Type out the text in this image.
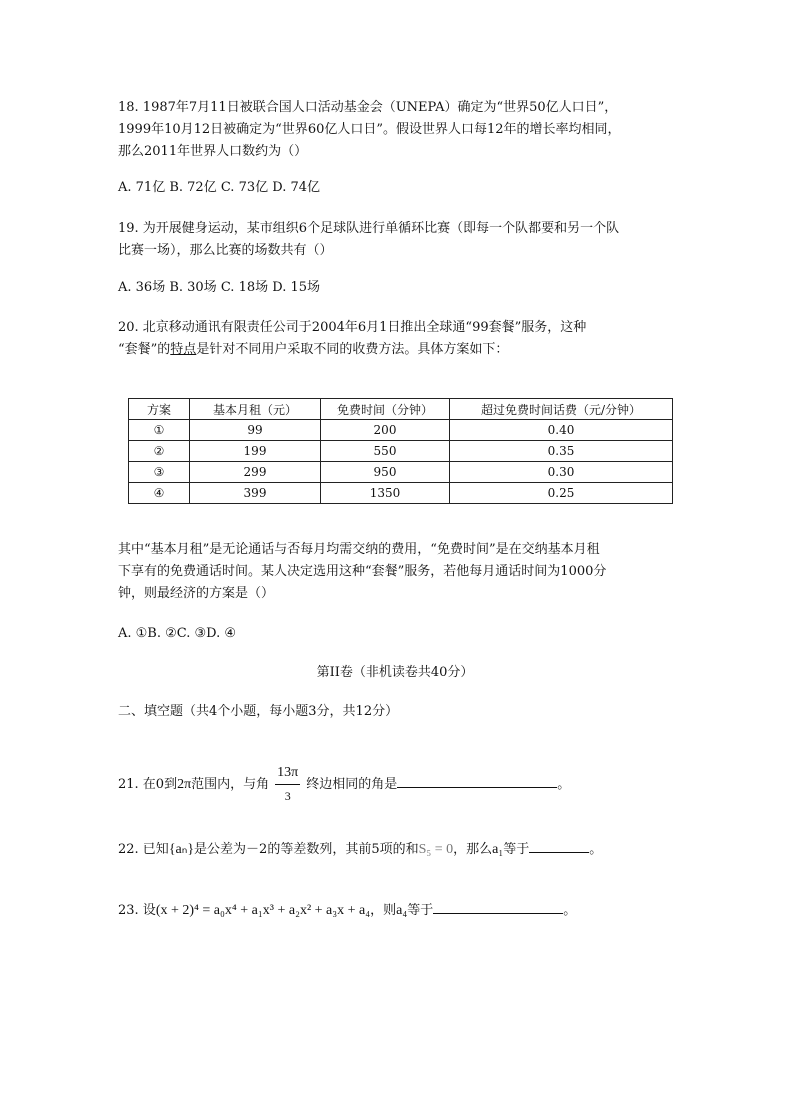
18. 1987年7月11日被联合国人口活动基金会（UNEPA）确定为“世界50亿人口日”，
1999年10月12日被确定为“世界60亿人口日”。假设世界人口每12年的增长率均相同，
那么2011年世界人口数约为（）
A. 71亿 B. 72亿 C. 73亿 D. 74亿
19. 为开展健身运动，某市组织6个足球队进行单循环比赛（即每一个队都要和另一个队
比赛一场），那么比赛的场数共有（）
A. 36场 B. 30场 C. 18场 D. 15场
20. 北京移动通讯有限责任公司于2004年6月1日推出全球通“99套餐”服务，这种
“套餐”的特点是针对不同用户采取不同的收费方法。具体方案如下：
方案	基本月租（元）	免费时间（分钟）	超过免费时间话费（元/分钟）
①	99	200	0.40
②	199	550	0.35
③	299	950	0.30
④	399	1350	0.25
其中“基本月租”是无论通话与否每月均需交纳的费用，“免费时间”是在交纳基本月租
下享有的免费通话时间。某人决定选用这种“套餐”服务，若他每月通话时间为1000分
钟，则最经济的方案是（）
A. ①B. ②C. ③D. ④
第II卷（非机读卷共40分）
二、填空题（共4个小题，每小题3分，共12分）
21. 在0到2π范围内，与角 $\frac{13\pi}{3}$ 终边相同的角是	。
22. 已知{aₙ}是公差为－2的等差数列，其前5项的和S₅ = 0，那么a₁等于	。
23. 设(x + 2)⁴ = a₀x⁴ + a₁x³ + a₂x² + a₃x + a₄，则a₄等于	。
